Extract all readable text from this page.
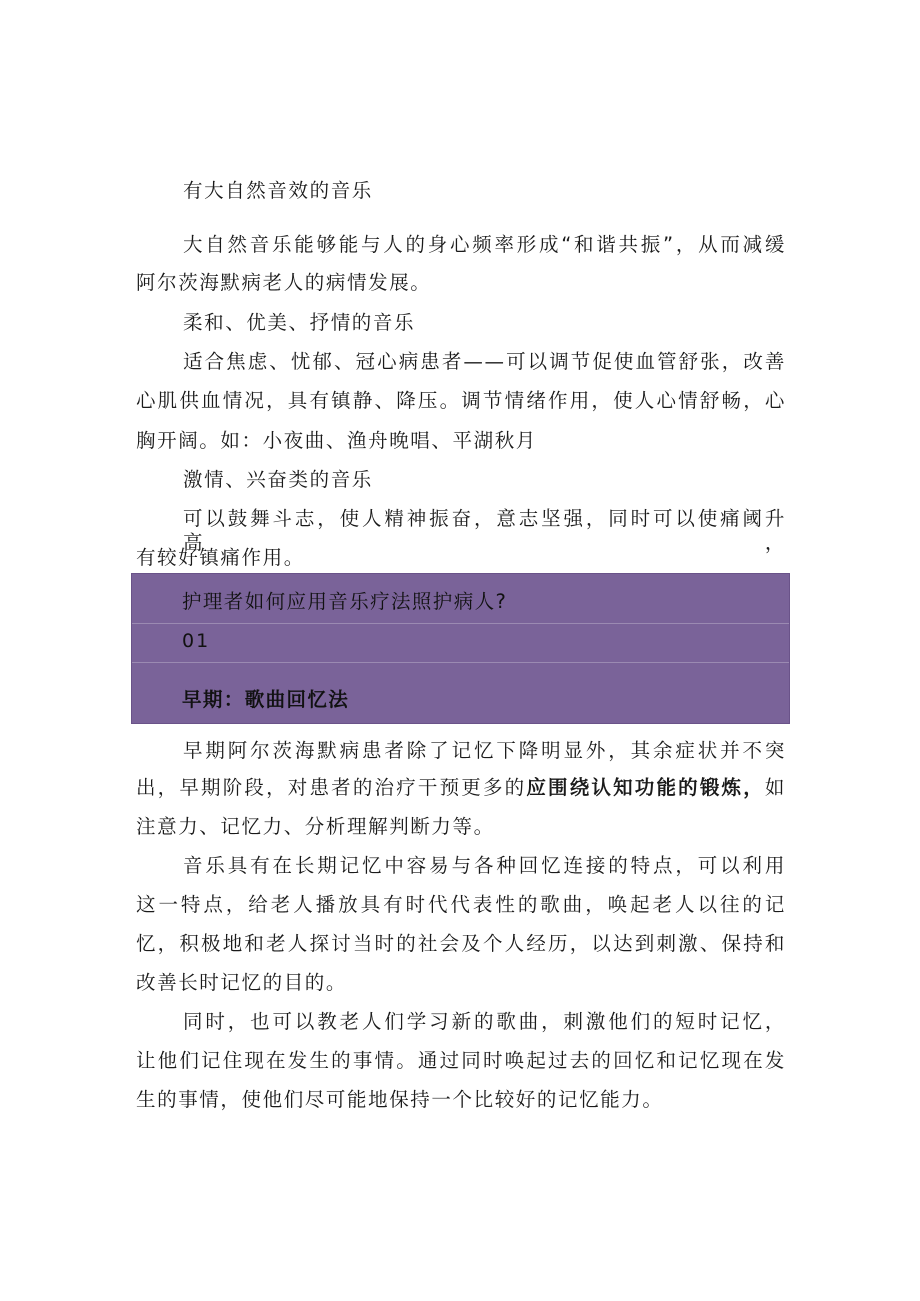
有大自然音效的音乐
大自然音乐能够能与人的身心频率形成“和谐共振”，从而减缓
阿尔茨海默病老人的病情发展。
柔和、优美、抒情的音乐
适合焦虑、忧郁、冠心病患者——可以调节促使血管舒张，改善
心肌供血情况，具有镇静、降压。调节情绪作用，使人心情舒畅，心
胸开阔。如：小夜曲、渔舟晚唱、平湖秋月
激情、兴奋类的音乐
可以鼓舞斗志，使人精神振奋，意志坚强，同时可以使痛阈升高，
有较好镇痛作用。
护理者如何应用音乐疗法照护病人?
01
早期：歌曲回忆法
早期阿尔茨海默病患者除了记忆下降明显外，其余症状并不突
出，早期阶段，对患者的治疗干预更多的应围绕认知功能的锻炼，如
注意力、记忆力、分析理解判断力等。
音乐具有在长期记忆中容易与各种回忆连接的特点，可以利用
这一特点，给老人播放具有时代代表性的歌曲，唤起老人以往的记
忆，积极地和老人探讨当时的社会及个人经历，以达到刺激、保持和
改善长时记忆的目的。
同时，也可以教老人们学习新的歌曲，刺激他们的短时记忆，
让他们记住现在发生的事情。通过同时唤起过去的回忆和记忆现在发
生的事情，使他们尽可能地保持一个比较好的记忆能力。
